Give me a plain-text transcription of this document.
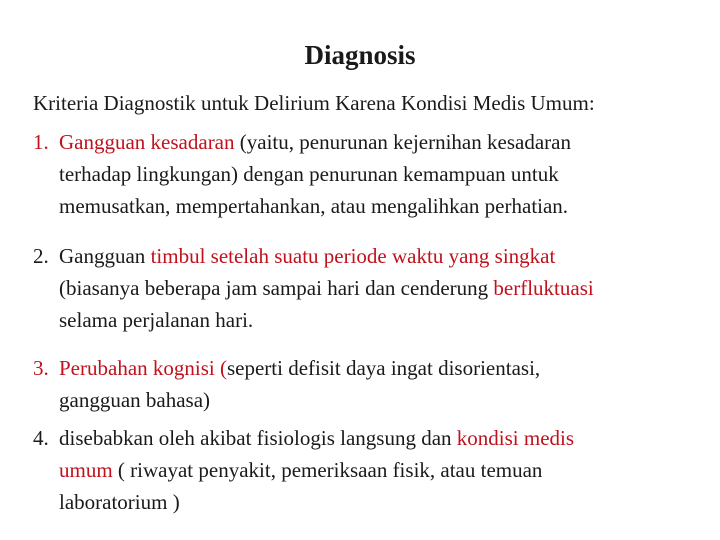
Diagnosis
Kriteria Diagnostik untuk Delirium Karena Kondisi Medis Umum:
1. Gangguan kesadaran (yaitu, penurunan kejernihan kesadaran
terhadap lingkungan) dengan penurunan kemampuan untuk
memusatkan, mempertahankan, atau mengalihkan perhatian.
2. Gangguan timbul setelah suatu periode waktu yang singkat
(biasanya beberapa jam sampai hari dan cenderung berfluktuasi
selama perjalanan hari.
3. Perubahan kognisi (seperti defisit daya ingat disorientasi,
gangguan bahasa)
4. disebabkan oleh akibat fisiologis langsung dan kondisi medis
umum ( riwayat penyakit, pemeriksaan fisik, atau temuan
laboratorium )
